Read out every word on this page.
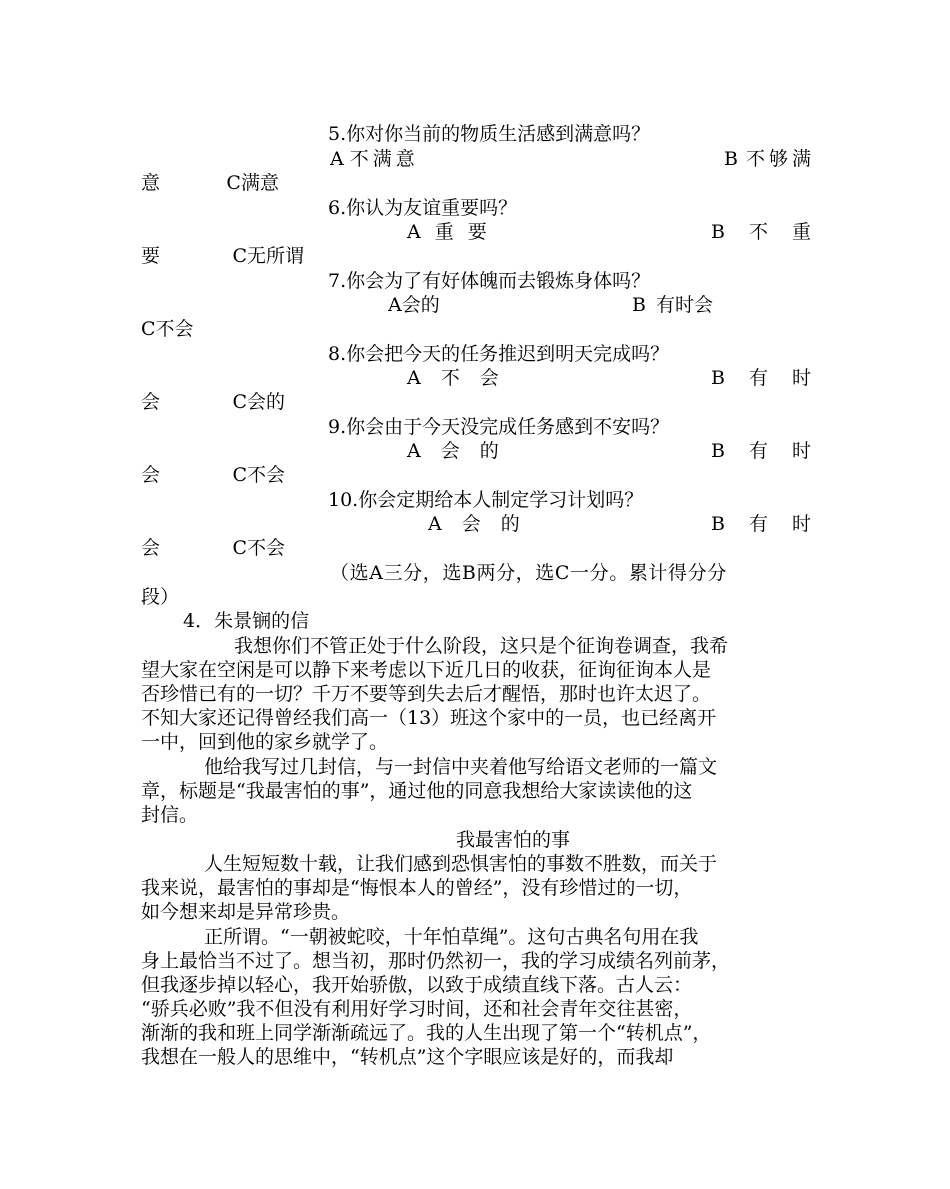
5.你对你当前的物质生活感到满意吗？
A 不 满 意	B 不 够 满
意           C满意
6.你认为友谊重要吗？
A 重 要	B 不 重
要            C无所谓
7.你会为了有好体魄而去锻炼身体吗？
A会的	B 有时会
C不会
8.你会把今天的任务推迟到明天完成吗？
A 不 会	B 有 时
会            C会的
9.你会由于今天没完成任务感到不安吗？
A 会 的	B 有 时
会            C不会
10.你会定期给本人制定学习计划吗？
A 会 的	B 有 时
会            C不会
（选A三分，选B两分，选C一分。累计得分分
段）
4．朱景锎的信
我想你们不管正处于什么阶段，这只是个征询卷调查，我希
望大家在空闲是可以静下来考虑以下近几日的收获，征询征询本人是
否珍惜已有的一切？千万不要等到失去后才醒悟，那时也许太迟了。
不知大家还记得曾经我们高一（13）班这个家中的一员，也已经离开
一中，回到他的家乡就学了。
他给我写过几封信，与一封信中夹着他写给语文老师的一篇文
章，标题是“我最害怕的事”，通过他的同意我想给大家读读他的这
封信。
我最害怕的事
人生短短数十载，让我们感到恐惧害怕的事数不胜数，而关于
我来说，最害怕的事却是“悔恨本人的曾经”，没有珍惜过的一切，
如今想来却是异常珍贵。
正所谓。“一朝被蛇咬，十年怕草绳”。这句古典名句用在我
身上最恰当不过了。想当初，那时仍然初一，我的学习成绩名列前茅，
但我逐步掉以轻心，我开始骄傲，以致于成绩直线下落。古人云：
“骄兵必败”我不但没有利用好学习时间，还和社会青年交往甚密，
渐渐的我和班上同学渐渐疏远了。我的人生出现了第一个“转机点”，
我想在一般人的思维中，“转机点”这个字眼应该是好的，而我却
